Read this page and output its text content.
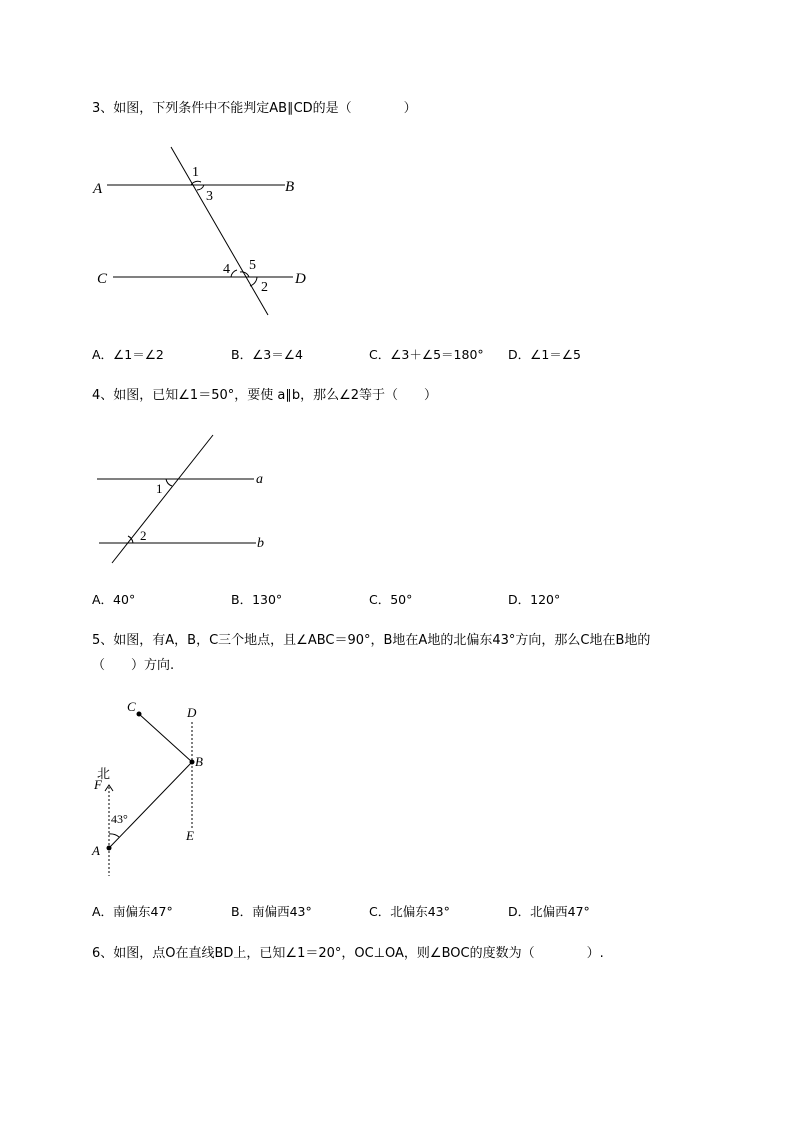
3、如图，下列条件中不能判定AB∥CD的是（　　　　）
A	B
C	D
1
3
4 5
2
A．∠1＝∠2	B．∠3＝∠4	C．∠3＋∠5＝180° D．∠1＝∠5
4、如图，已知∠1＝50°，要使 a∥b，那么∠2等于（　　）
a
b
1
2
A．40°	B．130°	C．50°	D．120°
5、如图，有A，B，C三个地点，且∠ABC＝90°，B地在A地的北偏东43°方向，那么C地在B地的
（　　）方向.
A
B
C	D
E
F
北
43°
A．南偏东47°	B．南偏西43°	C．北偏东43°	D．北偏西47°
6、如图，点O在直线BD上，已知∠1＝20°，OC⊥OA，则∠BOC的度数为（　　　　）.
